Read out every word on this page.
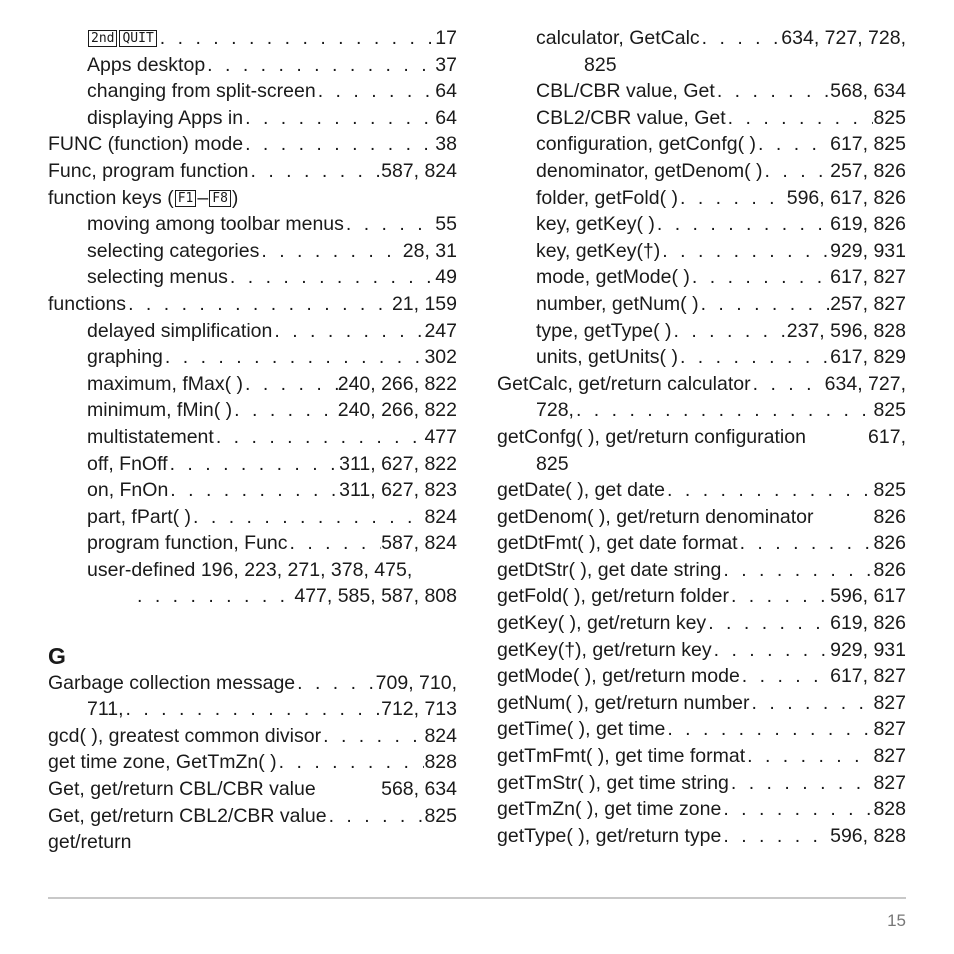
2nd QUIT . . .	17
Apps desktop . . .	37
changing from split-screen . . .	64
displaying Apps in . . .	64
FUNC (function) mode . . .	38
Func, program function . . .	587, 824
function keys ( F1 – F8 )
moving among toolbar menus . . .	55
selecting categories . . .	28, 31
selecting menus . . .	49
functions . . .	21, 159
delayed simplification . . .	247
graphing . . .	302
maximum, fMax( ) . . .	240, 266, 822
minimum, fMin( ) . . .	240, 266, 822
multistatement . . .	477
off, FnOff . . .	311, 627, 822
on, FnOn . . .	311, 627, 823
part, fPart( ) . . .	824
program function, Func . . .	587, 824
user-defined 196, 223, 271, 378, 475,
. . .
477, 585, 587, 808
G
Garbage collection message . . .	709, 710,
711, . . .	712, 713
gcd( ), greatest common divisor . . .	824
get time zone, GetTmZn( ) . . .	828
Get, get/return CBL/CBR value	568, 634
Get, get/return CBL2/CBR value . . .	825
get/return
calculator, GetCalc . . .	634, 727, 728,
825
CBL/CBR value, Get . . .	568, 634
CBL2/CBR value, Get . . .	825
configuration, getConfg( ) . . .	617, 825
denominator, getDenom( ) . . .	257, 826
folder, getFold( ) . . .	596, 617, 826
key, getKey( ) . . .	619, 826
key, getKey(†) . . .	929, 931
mode, getMode( ) . . .	617, 827
number, getNum( ) . . .	257, 827
type, getType( ) . . .	237, 596, 828
units, getUnits( ) . . .	617, 829
GetCalc, get/return calculator . . .	634, 727,
728, . . .	825
getConfg( ), get/return configuration	617,
825
getDate( ), get date . . .	825
getDenom( ), get/return denominator	826
getDtFmt( ), get date format . . .	826
getDtStr( ), get date string . . .	826
getFold( ), get/return folder . . .	596, 617
getKey( ), get/return key . . .	619, 826
getKey(†), get/return key . . .	929, 931
getMode( ), get/return mode . . .	617, 827
getNum( ), get/return number . . .	827
getTime( ), get time . . .	827
getTmFmt( ), get time format . . .	827
getTmStr( ), get time string . . .	827
getTmZn( ), get time zone . . .	828
getType( ), get/return type . . .	596, 828
15
